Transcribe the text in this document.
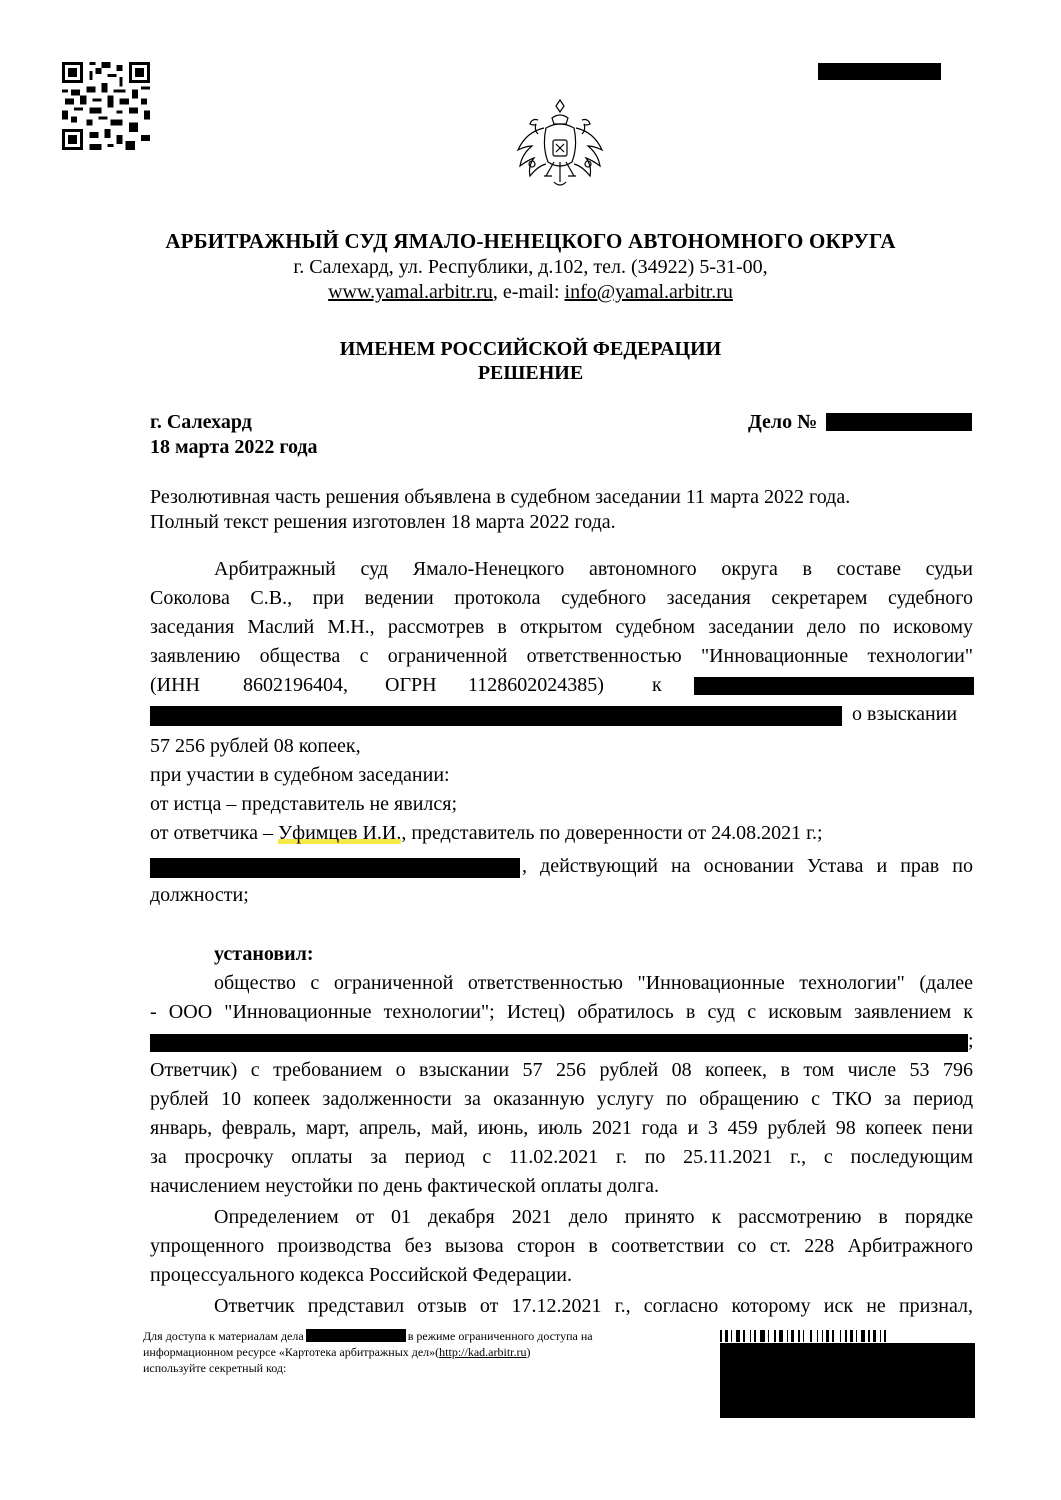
АРБИТРАЖНЫЙ СУД ЯМАЛО-НЕНЕЦКОГО АВТОНОМНОГО ОКРУГА
г. Салехард, ул. Республики, д.102, тел. (34922) 5-31-00,
www.yamal.arbitr.ru, e-mail: info@yamal.arbitr.ru
ИМЕНЕМ РОССИЙСКОЙ ФЕДЕРАЦИИ
РЕШЕНИЕ
г. Салехард
18 марта 2022 года
Дело №
Резолютивная часть решения объявлена в судебном заседании 11 марта 2022 года.
Полный текст решения изготовлен 18 марта 2022 года.
Арбитражный суд Ямало-Ненецкого автономного округа в составе судьи
Соколова С.В., при ведении протокола судебного заседания секретарем судебного
заседания Маслий М.Н., рассмотрев в открытом судебном заседании дело по исковому
заявлению общества с ограниченной ответственностью "Инновационные технологии"
(ИНН 8602196404, ОГРН 1128602024385) к
о взыскании
57 256 рублей 08 копеек,
при участии в судебном заседании:
от истца – представитель не явился;
от ответчика – Уфимцев И.И., представитель по доверенности от 24.08.2021 г.;
, действующий на основании Устава и прав по
должности;
установил:
общество с ограниченной ответственностью "Инновационные технологии" (далее
- ООО "Инновационные технологии"; Истец) обратилось в суд с исковым заявлением к
;
Ответчик) с требованием о взыскании 57 256 рублей 08 копеек, в том числе 53 796
рублей 10 копеек задолженности за оказанную услугу по обращению с ТКО за период
январь, февраль, март, апрель, май, июнь, июль 2021 года и 3 459 рублей 98 копеек пени
за просрочку оплаты за период с 11.02.2021 г. по 25.11.2021 г., с последующим
начислением неустойки по день фактической оплаты долга.
Определением от 01 декабря 2021 дело принято к рассмотрению в порядке
упрощенного производства без вызова сторон в соответствии со ст. 228 Арбитражного
процессуального кодекса Российской Федерации.
Ответчик представил отзыв от 17.12.2021 г., согласно которому иск не признал,
Для доступа к материалам дела	в режиме ограниченного доступа на
информационном ресурсе «Картотека арбитражных дел»(http://kad.arbitr.ru)
используйте секретный код:
